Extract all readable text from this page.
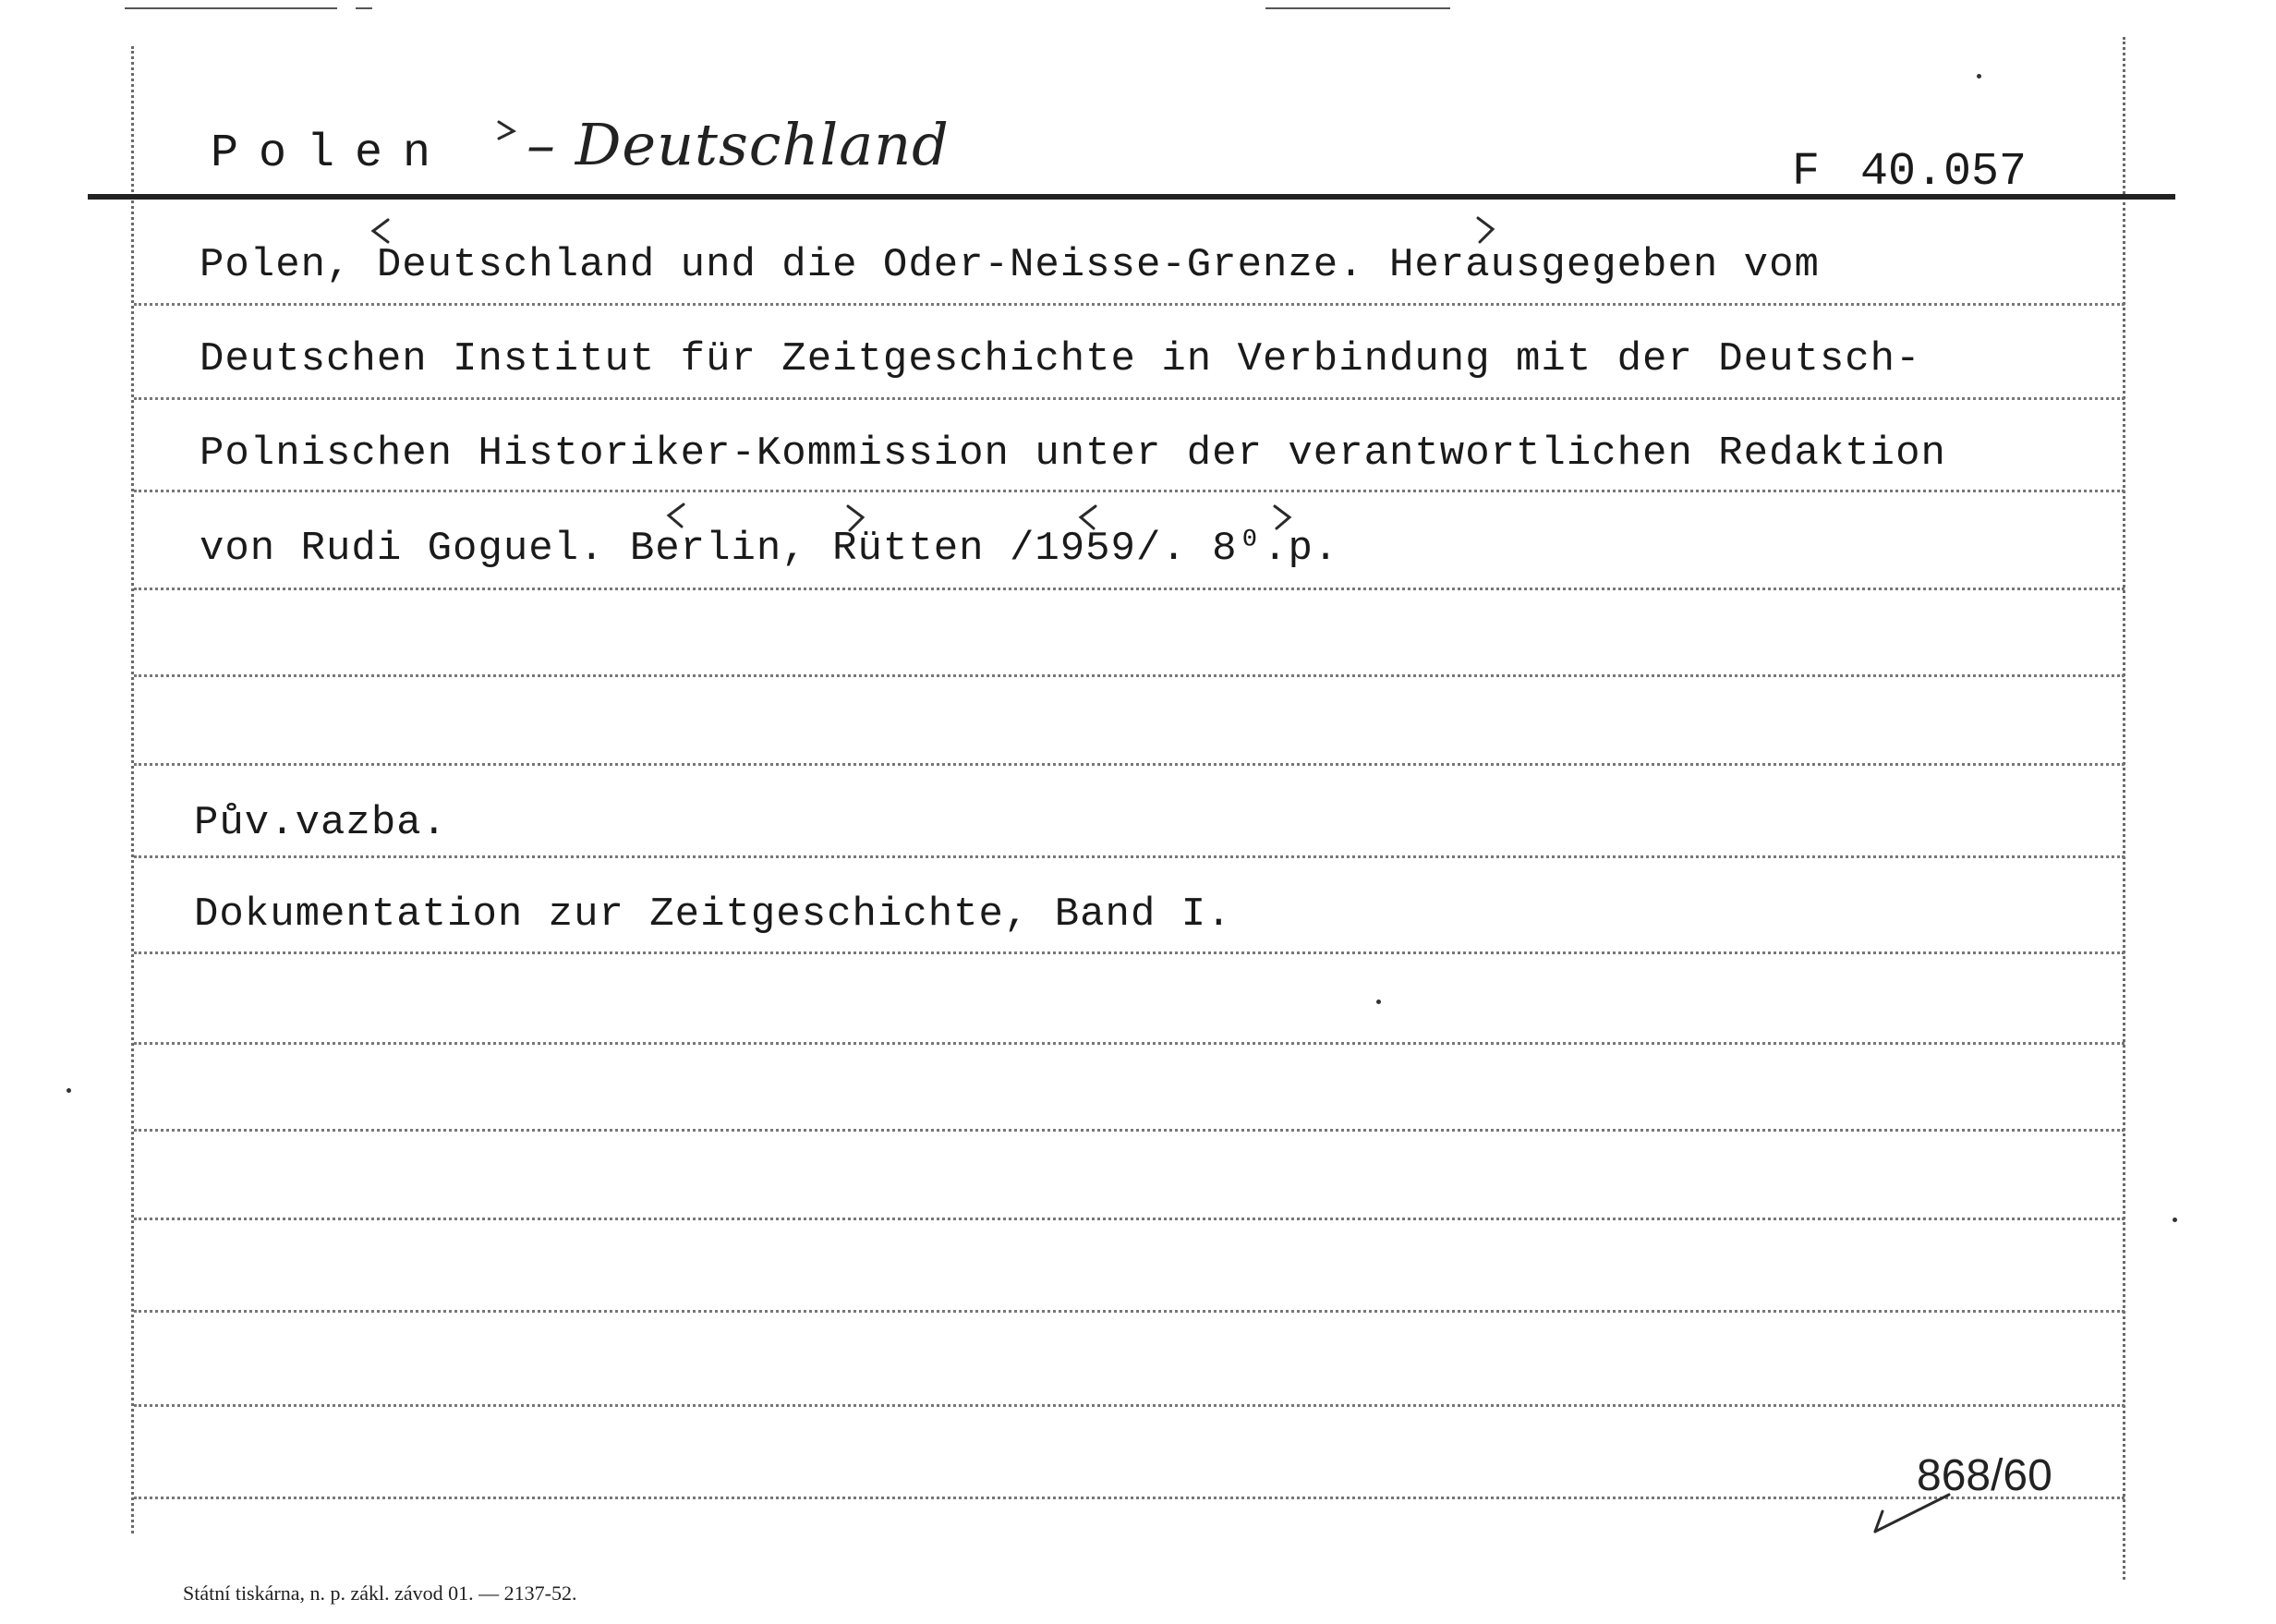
Polen – Deutschland	F 40.057
Polen, Deutschland und die Oder-Neisse-Grenze. Herausgegeben vom
Deutschen Institut für Zeitgeschichte in Verbindung mit der Deutsch-
Polnischen Historiker-Kommission unter der verantwortlichen Redaktion
von Rudi Goguel. Berlin, Rütten /1959/. 8⁰.p.
Pův.vazba.
Dokumentation zur Zeitgeschichte, Band I.
868/60
Státní tiskárna, n. p. zákl. závod 01. — 2137-52.
